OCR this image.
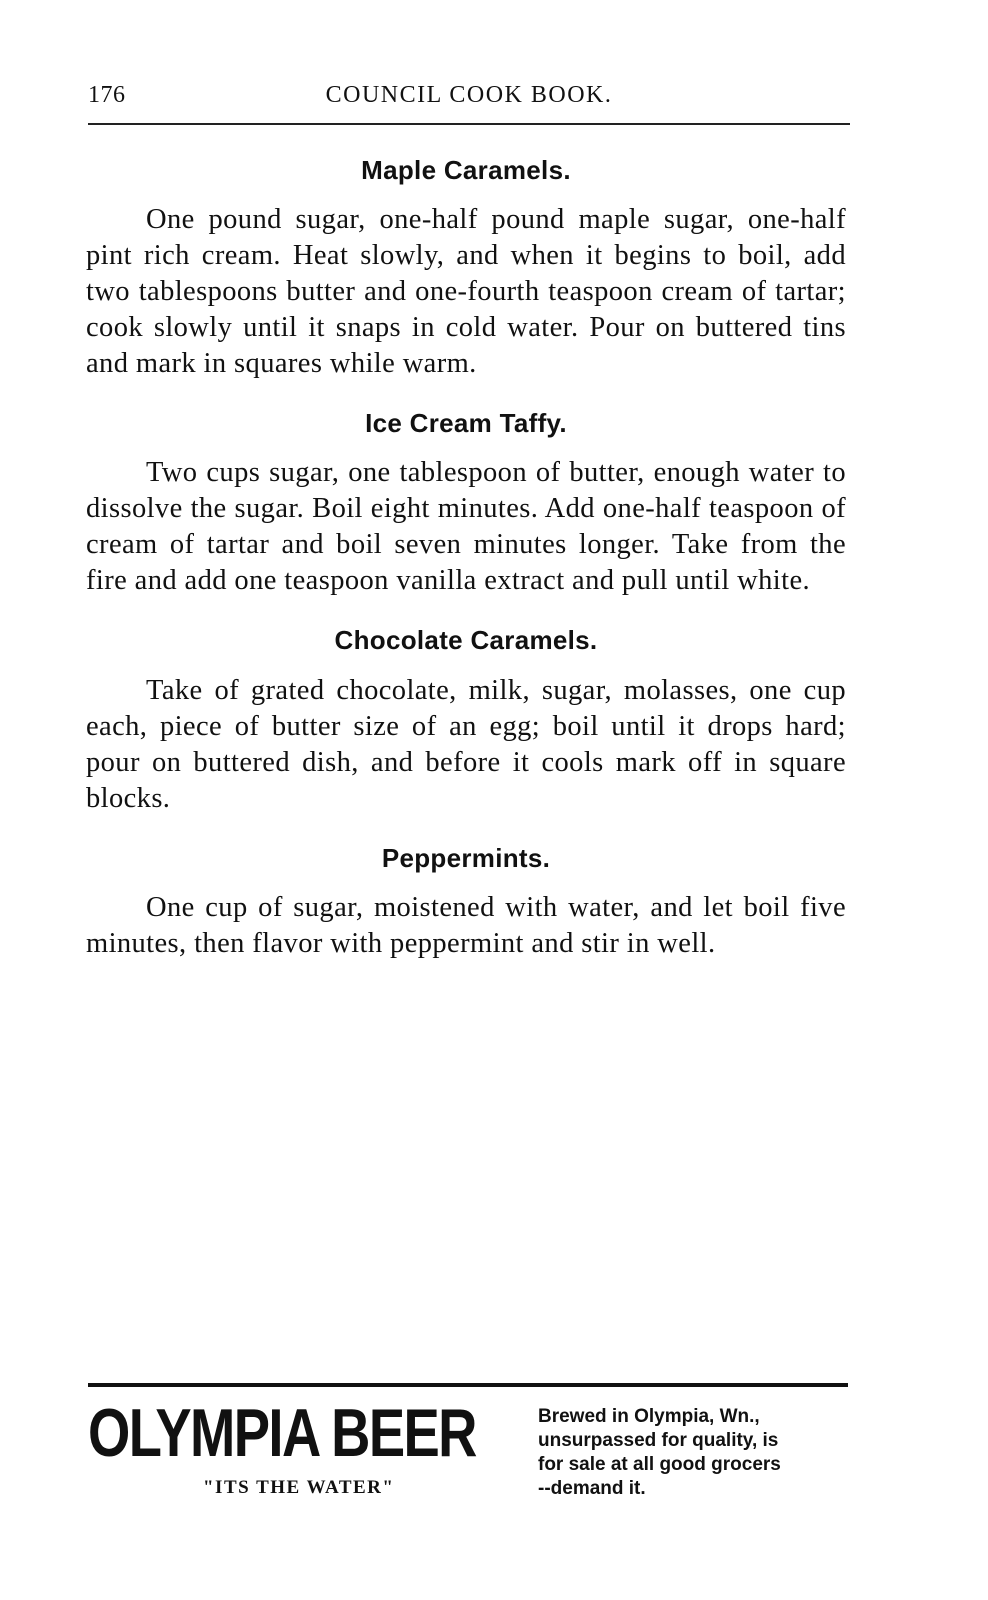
176	COUNCIL COOK BOOK.
Maple Caramels.

One pound sugar, one-half pound maple sugar, one-half pint rich cream. Heat slowly, and when it begins to boil, add two tablespoons butter and one-fourth teaspoon cream of tartar; cook slowly until it snaps in cold water. Pour on buttered tins and mark in squares while warm.

Ice Cream Taffy.

Two cups sugar, one tablespoon of butter, enough water to dissolve the sugar. Boil eight minutes. Add one-half teaspoon of cream of tartar and boil seven minutes longer. Take from the fire and add one teaspoon vanilla extract and pull until white.

Chocolate Caramels.

Take of grated chocolate, milk, sugar, molasses, one cup each, piece of butter size of an egg; boil until it drops hard; pour on buttered dish, and before it cools mark off in square blocks.

Peppermints.

One cup of sugar, moistened with water, and let boil five minutes, then flavor with peppermint and stir in well.

OLYMPIA BEER
"ITS THE WATER"
Brewed in Olympia, Wn.,
unsurpassed for quality, is
for sale at all good grocers
--demand it.
